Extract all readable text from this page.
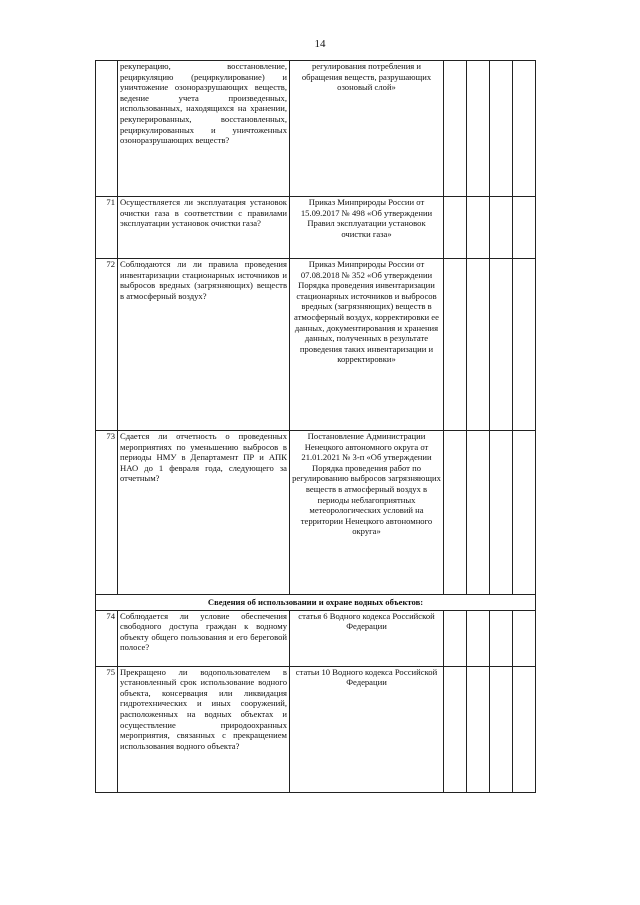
14
	рекуперацию, восстановление, рециркуляцию (рециркулирование) и уничтожение озоноразрушающих веществ, ведение учета произведенных, использованных, находящихся на хранении, рекуперированных, восстановленных, рециркулированных и уничтоженных озоноразрушающих веществ?	регулирования потребления и обращения веществ, разрушающих озоновый слой»				
71	Осуществляется ли эксплуатация установок очистки газа в соответствии с правилами эксплуатации установок очистки газа?	Приказ Минприроды России от 15.09.2017 № 498 «Об утверждении Правил эксплуатации установок очистки газа»				
72	Соблюдаются ли ли правила проведения инвентаризации стационарных источников и выбросов вредных (загрязняющих) веществ в атмосферный воздух?	Приказ Минприроды России от 07.08.2018 № 352 «Об утверждении Порядка проведения инвентаризации стационарных источников и выбросов вредных (загрязняющих) веществ в атмосферный воздух, корректировки ее данных, документирования и хранения данных, полученных в результате проведения таких инвентаризации и корректировки»				
73	Сдается ли отчетность о проведенных мероприятиях по уменьшению выбросов в периоды НМУ в Департамент ПР и АПК НАО до 1 февраля года, следующего за отчетным?	Постановление Администрации Ненецкого автономного округа от 21.01.2021 № 3-п «Об утверждении Порядка проведения работ по регулированию выбросов загрязняющих веществ в атмосферный воздух в периоды неблагоприятных метеорологических условий на территории Ненецкого автономного округа»				
Сведения об использовании и охране водных объектов:						
74	Соблюдается ли условие обеспечения свободного доступа граждан к водному объекту общего пользования и его береговой полосе?	статья 6 Водного кодекса Российской Федерации				
75	Прекращено ли водопользователем в установленный срок использование водного объекта, консервация или ликвидация гидротехнических и иных сооружений, расположенных на водных объектах и осуществление природоохранных мероприятия, связанных с прекращением использования водного объекта?	статьи 10 Водного кодекса Российской Федерации				
